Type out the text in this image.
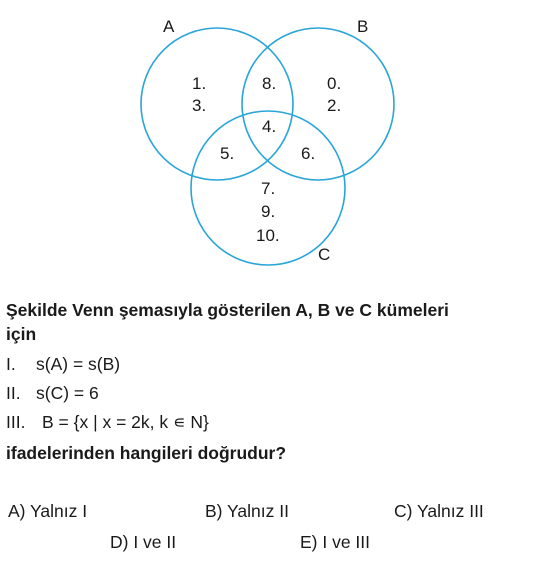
A	B
C
1.
3.
0.
2.
8.
4.
5.	6.
7.
9.
10.
Şekilde Venn şemasıyla gösterilen A, B ve C kümeleri
için
I. s(A) = s(B)
II. s(C) = 6
III. B = {x | x = 2k, k ∊ N}
ifadelerinden hangileri doğrudur?
A) Yalnız I	B) Yalnız II	C) Yalnız III
D) I ve II	E) I ve III
